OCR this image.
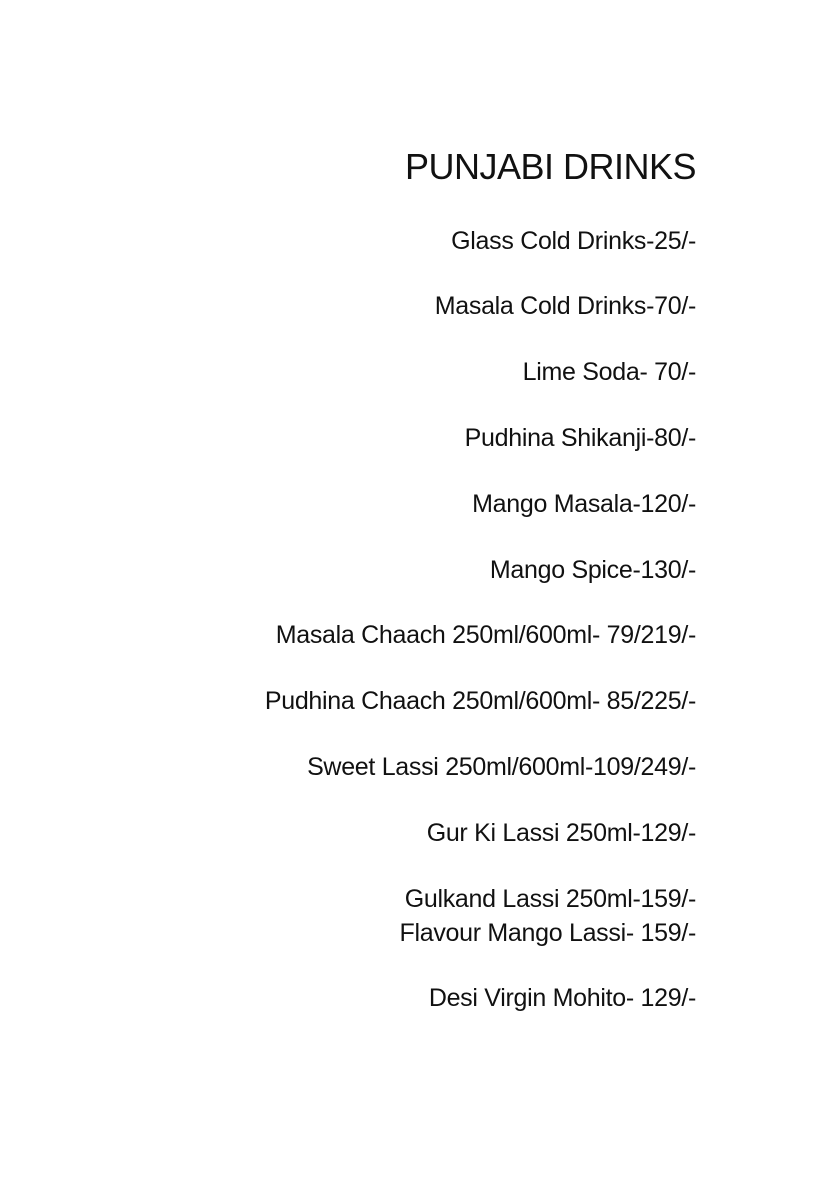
PUNJABI DRINKS

Glass Cold Drinks-25/-

Masala Cold Drinks-70/-

Lime Soda- 70/-

Pudhina Shikanji-80/-

Mango Masala-120/-

Mango Spice-130/-

Masala Chaach 250ml/600ml- 79/219/-

Pudhina Chaach 250ml/600ml- 85/225/-

Sweet Lassi 250ml/600ml-109/249/-

Gur Ki Lassi 250ml-129/-

Gulkand Lassi 250ml-159/-

Flavour Mango Lassi- 159/-

Desi Virgin Mohito- 129/-
